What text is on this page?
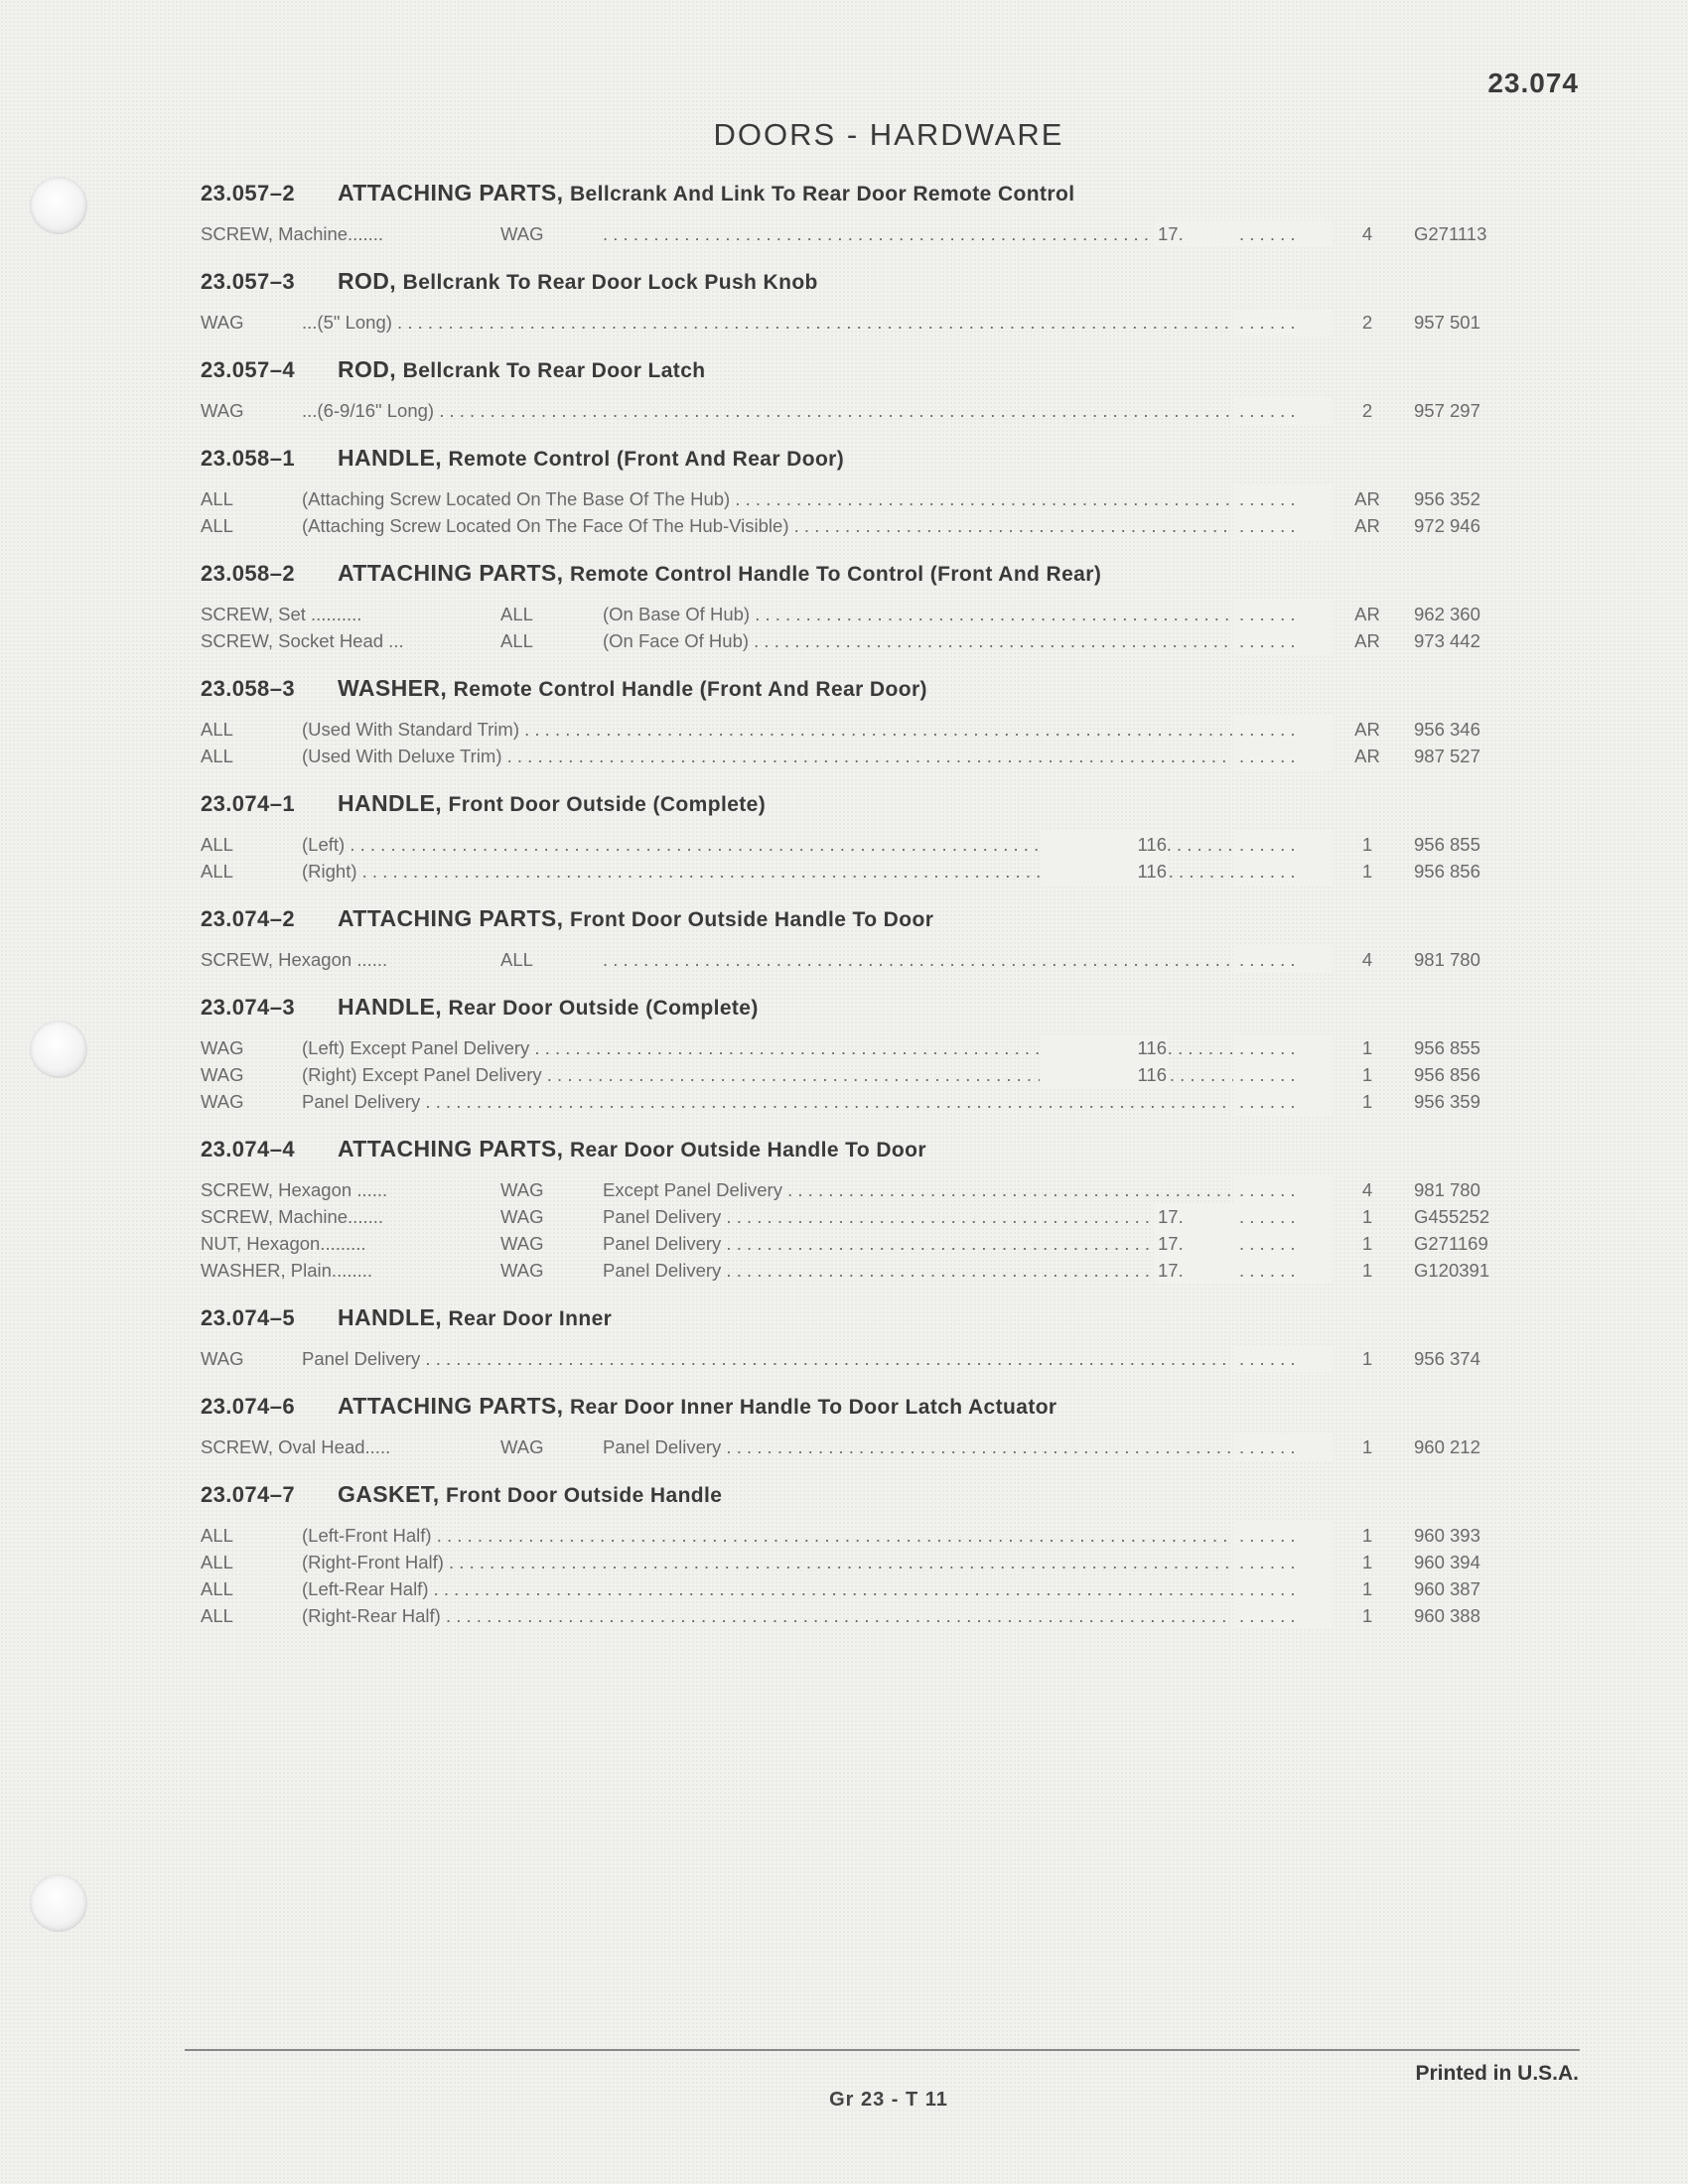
23.074
DOORS - HARDWARE
23.057–2 ATTACHING PARTS, Bellcrank And Link To Rear Door Remote Control
SCREW, Machine.......	WAG . . .	17. . . .	4	G271113
23.057–3 ROD, Bellcrank To Rear Door Lock Push Knob
WAG	...(5" Long) . . . . . .	2	957 501
23.057–4 ROD, Bellcrank To Rear Door Latch
WAG	...(6-9/16" Long) . . . . . .	2	957 297
23.058–1 HANDLE, Remote Control (Front And Rear Door)
ALL	(Attaching Screw Located On The Base Of The Hub) . . . . . .	AR	956 352
ALL	(Attaching Screw Located On The Face Of The Hub-Visible) . . . . . .	AR	972 946
23.058–2 ATTACHING PARTS, Remote Control Handle To Control (Front And Rear)
SCREW, Set ..........	ALL	(On Base Of Hub) . . . . . .	AR	962 360
SCREW, Socket Head ...	ALL	(On Face Of Hub) . . . . . .	AR	973 442
23.058–3 WASHER, Remote Control Handle (Front And Rear Door)
ALL	(Used With Standard Trim) . . . . . .	AR	956 346
ALL	(Used With Deluxe Trim) . . . . . .	AR	987 527
23.074–1 HANDLE, Front Door Outside (Complete)
ALL	(Left) . . .	116 . . .	1	956 855
ALL	(Right) . . .	116 . . .	1	956 856
23.074–2 ATTACHING PARTS, Front Door Outside Handle To Door
SCREW, Hexagon ......	ALL . . . . . .	4	981 780
23.074–3 HANDLE, Rear Door Outside (Complete)
WAG	(Left) Except Panel Delivery . . .	116 . . .	1	956 855
WAG	(Right) Except Panel Delivery . . .	116 . . .	1	956 856
WAG	Panel Delivery . . . . . .	1	956 359
23.074–4 ATTACHING PARTS, Rear Door Outside Handle To Door
SCREW, Hexagon ......	WAG	Except Panel Delivery . . . . . .	4	981 780
SCREW, Machine.......	WAG	Panel Delivery . . .	17. . . .	1	G455252
NUT, Hexagon.........	WAG	Panel Delivery . . .	17. . . .	1	G271169
WASHER, Plain........	WAG	Panel Delivery . . .	17. . . .	1	G120391
23.074–5 HANDLE, Rear Door Inner
WAG	Panel Delivery . . . . . .	1	956 374
23.074–6 ATTACHING PARTS, Rear Door Inner Handle To Door Latch Actuator
SCREW, Oval Head.....	WAG	Panel Delivery . . . . . .	1	960 212
23.074–7 GASKET, Front Door Outside Handle
ALL	(Left-Front Half) . . . . . .	1	960 393
ALL	(Right-Front Half) . . . . . .	1	960 394
ALL	(Left-Rear Half) . . . . . .	1	960 387
ALL	(Right-Rear Half) . . . . . .	1	960 388
Printed in U.S.A.
Gr 23 - T 11
